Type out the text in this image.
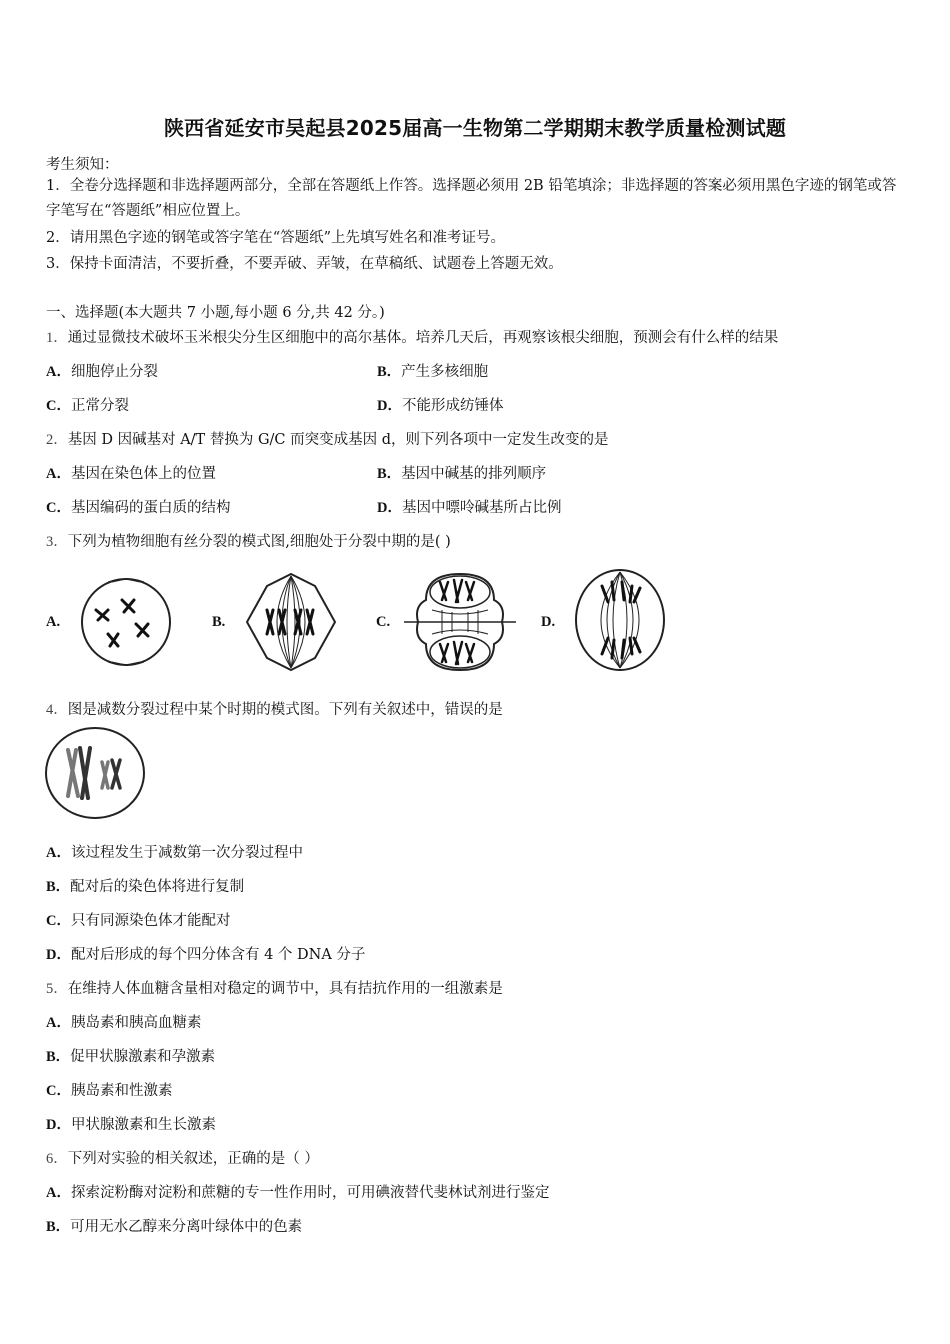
陕西省延安市吴起县2025届高一生物第二学期期末教学质量检测试题
考生须知：
1．全卷分选择题和非选择题两部分，全部在答题纸上作答。选择题必须用 2B 铅笔填涂；非选择题的答案必须用黑色字迹的钢笔或答字笔写在“答题纸”相应位置上。
2．请用黑色字迹的钢笔或答字笔在“答题纸”上先填写姓名和准考证号。
3．保持卡面清洁，不要折叠，不要弄破、弄皱，在草稿纸、试题卷上答题无效。
一、选择题(本大题共 7 小题,每小题 6 分,共 42 分。)
1．通过显微技术破坏玉米根尖分生区细胞中的高尔基体。培养几天后，再观察该根尖细胞，预测会有什么样的结果
A．细胞停止分裂	B．产生多核细胞
C．正常分裂	D．不能形成纺锤体
2．基因 D 因碱基对 A/T 替换为 G/C 而突变成基因 d，则下列各项中一定发生改变的是
A．基因在染色体上的位置	B．基因中碱基的排列顺序
C．基因编码的蛋白质的结构	D．基因中嘌呤碱基所占比例
3．下列为植物细胞有丝分裂的模式图,细胞处于分裂中期的是( )
A.	B.	C.	D.
4．图是减数分裂过程中某个时期的模式图。下列有关叙述中，错误的是
A．该过程发生于减数第一次分裂过程中
B．配对后的染色体将进行复制
C．只有同源染色体才能配对
D．配对后形成的每个四分体含有 4 个 DNA 分子
5．在维持人体血糖含量相对稳定的调节中，具有拮抗作用的一组激素是
A．胰岛素和胰高血糖素
B．促甲状腺激素和孕激素
C．胰岛素和性激素
D．甲状腺激素和生长激素
6．下列对实验的相关叙述，正确的是（ ）
A．探索淀粉酶对淀粉和蔗糖的专一性作用时，可用碘液替代斐林试剂进行鉴定
B．可用无水乙醇来分离叶绿体中的色素
